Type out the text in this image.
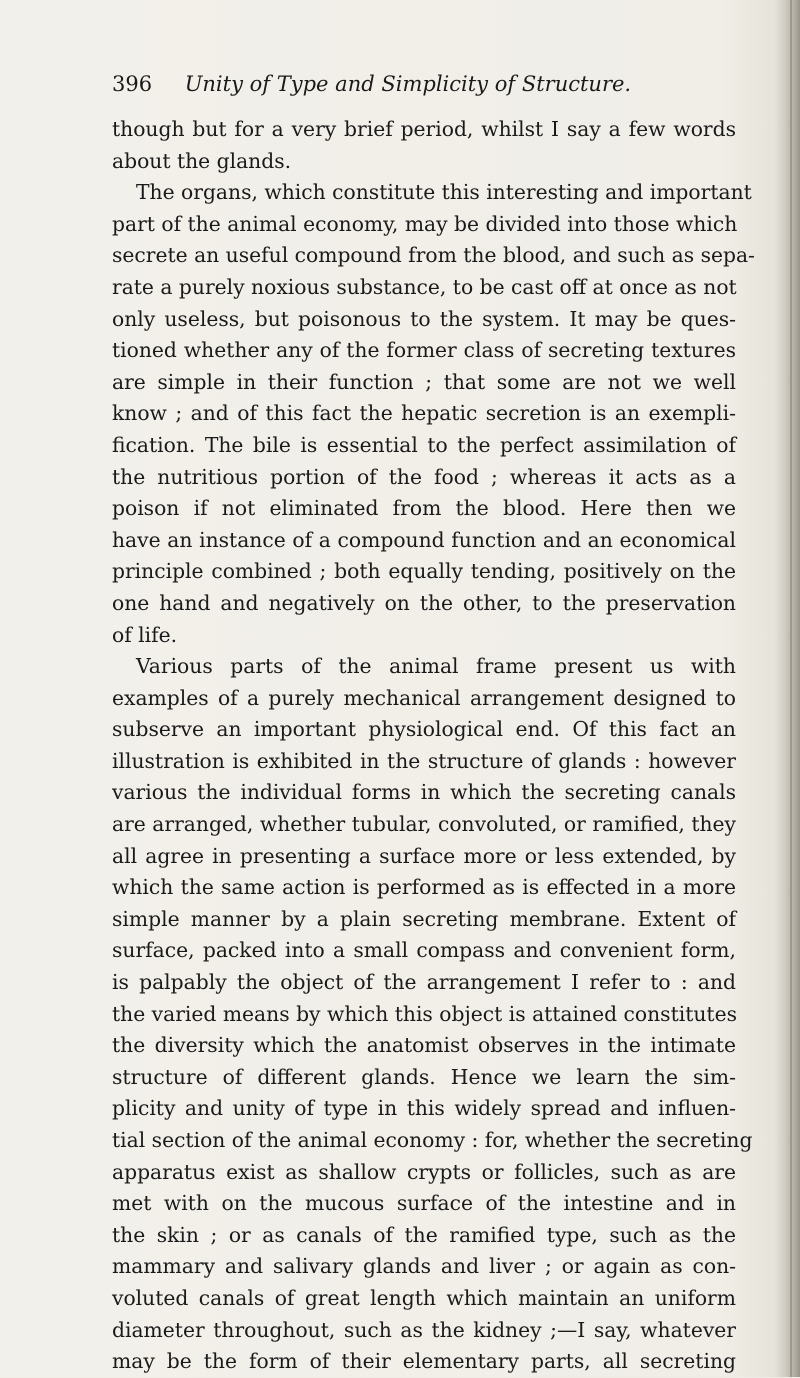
396 Unity of Type and Simplicity of Structure.
though but for a very brief period, whilst I say a few words
about the glands.
The organs, which constitute this interesting and important
part of the animal economy, may be divided into those which
secrete an useful compound from the blood, and such as sepa-
rate a purely noxious substance, to be cast off at once as not
only useless, but poisonous to the system. It may be ques-
tioned whether any of the former class of secreting textures
are simple in their function ; that some are not we well
know ; and of this fact the hepatic secretion is an exempli-
fication. The bile is essential to the perfect assimilation of
the nutritious portion of the food ; whereas it acts as a
poison if not eliminated from the blood. Here then we
have an instance of a compound function and an economical
principle combined ; both equally tending, positively on the
one hand and negatively on the other, to the preservation
of life.
Various parts of the animal frame present us with
examples of a purely mechanical arrangement designed to
subserve an important physiological end. Of this fact an
illustration is exhibited in the structure of glands : however
various the individual forms in which the secreting canals
are arranged, whether tubular, convoluted, or ramified, they
all agree in presenting a surface more or less extended, by
which the same action is performed as is effected in a more
simple manner by a plain secreting membrane. Extent of
surface, packed into a small compass and convenient form,
is palpably the object of the arrangement I refer to : and
the varied means by which this object is attained constitutes
the diversity which the anatomist observes in the intimate
structure of different glands. Hence we learn the sim-
plicity and unity of type in this widely spread and influen-
tial section of the animal economy : for, whether the secreting
apparatus exist as shallow crypts or follicles, such as are
met with on the mucous surface of the intestine and in
the skin ; or as canals of the ramified type, such as the
mammary and salivary glands and liver ; or again as con-
voluted canals of great length which maintain an uniform
diameter throughout, such as the kidney ;—I say, whatever
may be the form of their elementary parts, all secreting
